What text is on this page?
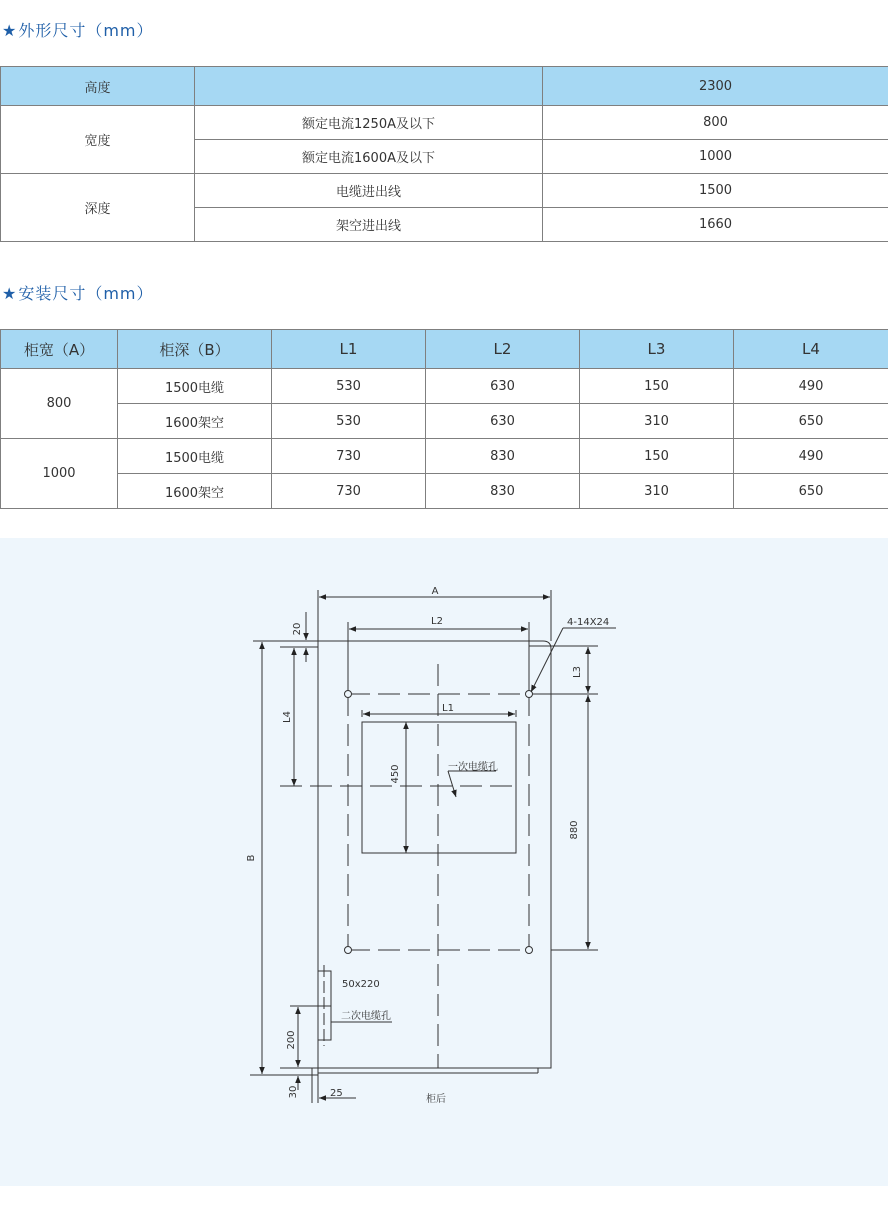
★外形尺寸（mm）
高度		2300
宽度	额定电流1250A及以下	800
	额定电流1600A及以下	1000
深度	电缆进出线	1500
	架空进出线	1660
★安装尺寸（mm）
柜宽（A）	柜深（B）	L1	L2	L3	L4
800	1500电缆	530	630	150	490
	1600架空	530	630	310	650
1000	1500电缆	730	830	150	490
	1600架空	730	830	310	650
A
L2
L1
4-14X24
一次电缆孔
50x220
二次电缆孔
25
柜后
20
L4
B
450
L3
880
200
30
